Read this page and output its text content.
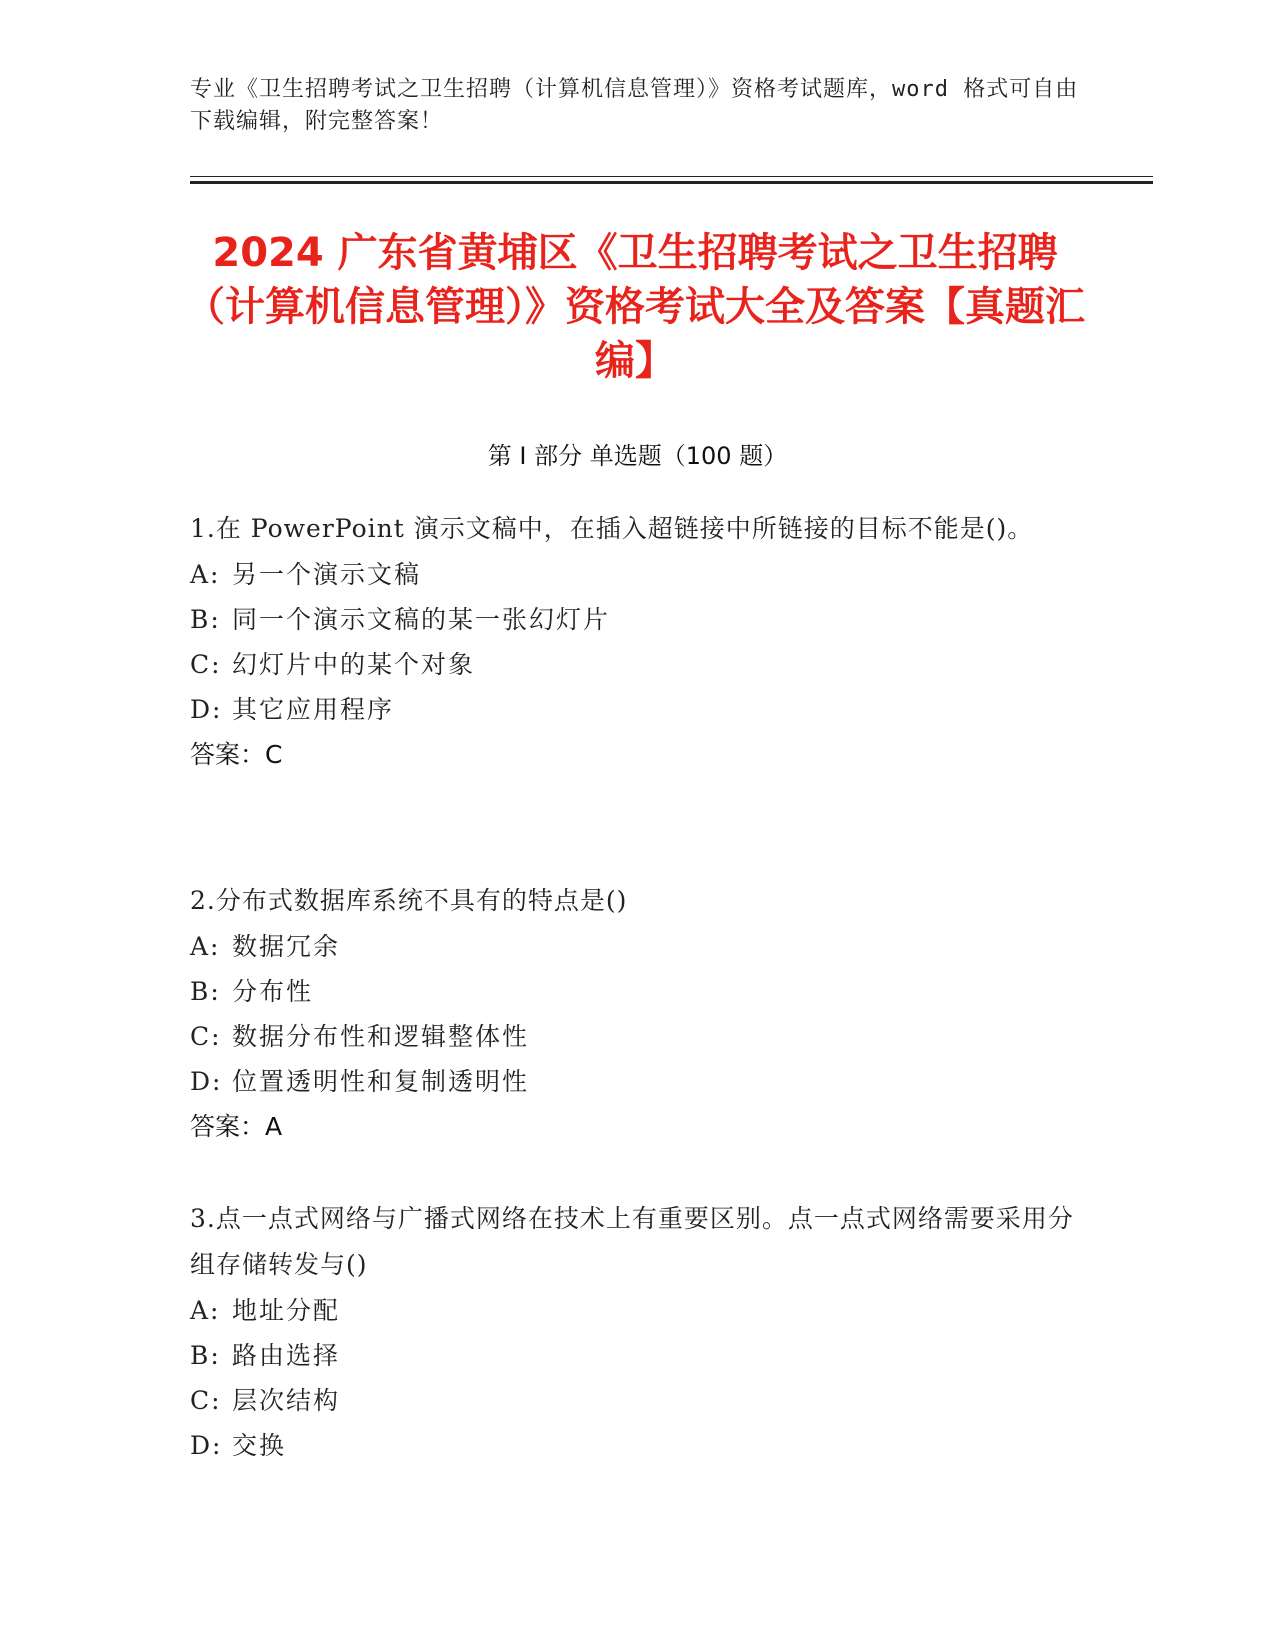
专业《卫生招聘考试之卫生招聘（计算机信息管理）》资格考试题库，word 格式可自由下载编辑，附完整答案！
2024 广东省黄埔区《卫生招聘考试之卫生招聘（计算机信息管理）》资格考试大全及答案【真题汇编】
第 I 部分 单选题（100 题）
1.在 PowerPoint 演示文稿中，在插入超链接中所链接的目标不能是()。
A: 另一个演示文稿
B: 同一个演示文稿的某一张幻灯片
C: 幻灯片中的某个对象
D: 其它应用程序
答案：C
2.分布式数据库系统不具有的特点是()
A: 数据冗余
B: 分布性
C: 数据分布性和逻辑整体性
D: 位置透明性和复制透明性
答案：A
3.点一点式网络与广播式网络在技术上有重要区别。点一点式网络需要采用分组存储转发与()
A: 地址分配
B: 路由选择
C: 层次结构
D: 交换
